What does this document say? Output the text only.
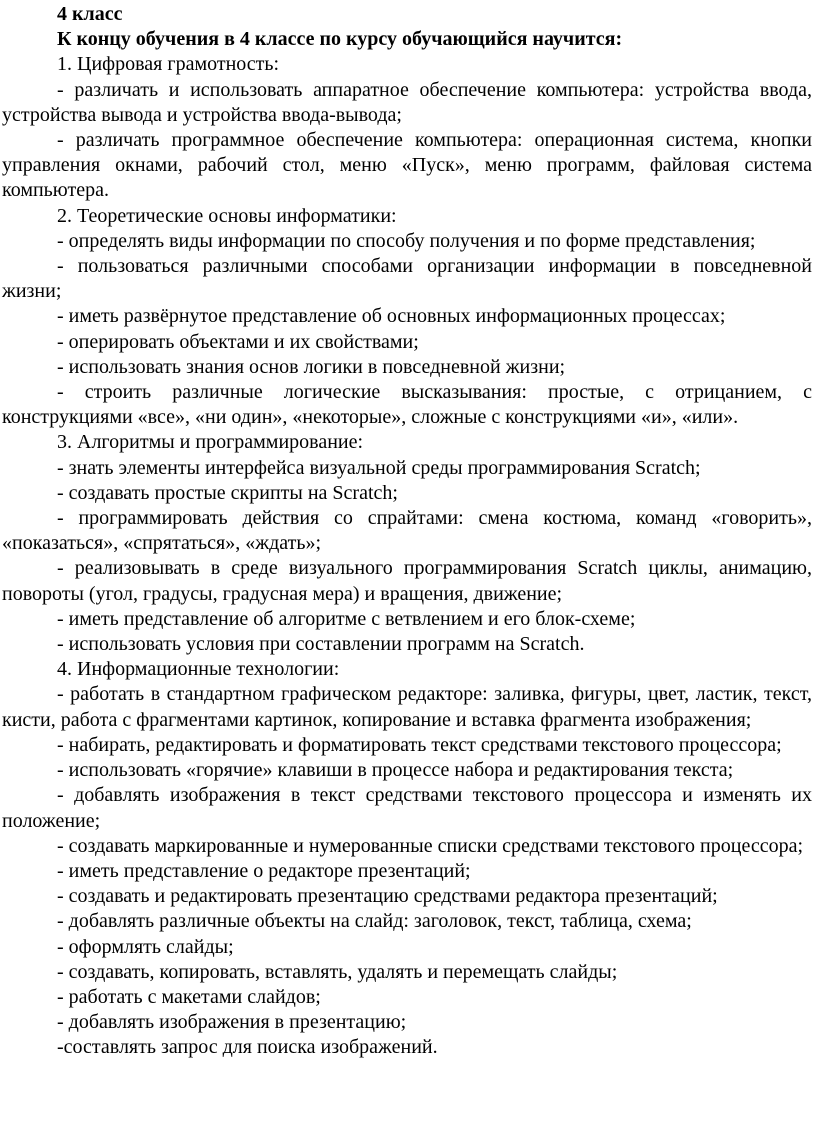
4 класс

К концу обучения в 4 классе по курсу обучающийся научится:

1. Цифровая грамотность:

- различать и использовать аппаратное обеспечение компьютера: устройства ввода, устройства вывода и устройства ввода-вывода;

- различать программное обеспечение компьютера: операционная система, кнопки управления окнами, рабочий стол, меню «Пуск», меню программ, файловая система компьютера.

2. Теоретические основы информатики:

- определять виды информации по способу получения и по форме представления;

- пользоваться различными способами организации информации в повседневной жизни;

- иметь развёрнутое представление об основных информационных процессах;

- оперировать объектами и их свойствами;

- использовать знания основ логики в повседневной жизни;

- строить различные логические высказывания: простые, с отрицанием, с конструкциями «все», «ни один», «некоторые», сложные с конструкциями «и», «или».

3. Алгоритмы и программирование:

- знать элементы интерфейса визуальной среды программирования Scratch;

- создавать простые скрипты на Scratch;

- программировать действия со спрайтами: смена костюма, команд «говорить», «показаться», «спрятаться», «ждать»;

- реализовывать в среде визуального программирования Scratch циклы, анимацию, повороты (угол, градусы, градусная мера) и вращения, движение;

- иметь представление об алгоритме с ветвлением и его блок-схеме;

- использовать условия при составлении программ на Scratch.

4. Информационные технологии:

- работать в стандартном графическом редакторе: заливка, фигуры, цвет, ластик, текст, кисти, работа с фрагментами картинок, копирование и вставка фрагмента изображения;

- набирать, редактировать и форматировать текст средствами текстового процессора;

- использовать «горячие» клавиши в процессе набора и редактирования текста;

- добавлять изображения в текст средствами текстового процессора и изменять их положение;

- создавать маркированные и нумерованные списки средствами текстового процессора;

- иметь представление о редакторе презентаций;

- создавать и редактировать презентацию средствами редактора презентаций;

- добавлять различные объекты на слайд: заголовок, текст, таблица, схема;

- оформлять слайды;

- создавать, копировать, вставлять, удалять и перемещать слайды;

- работать с макетами слайдов;

- добавлять изображения в презентацию;

-составлять запрос для поиска изображений.
